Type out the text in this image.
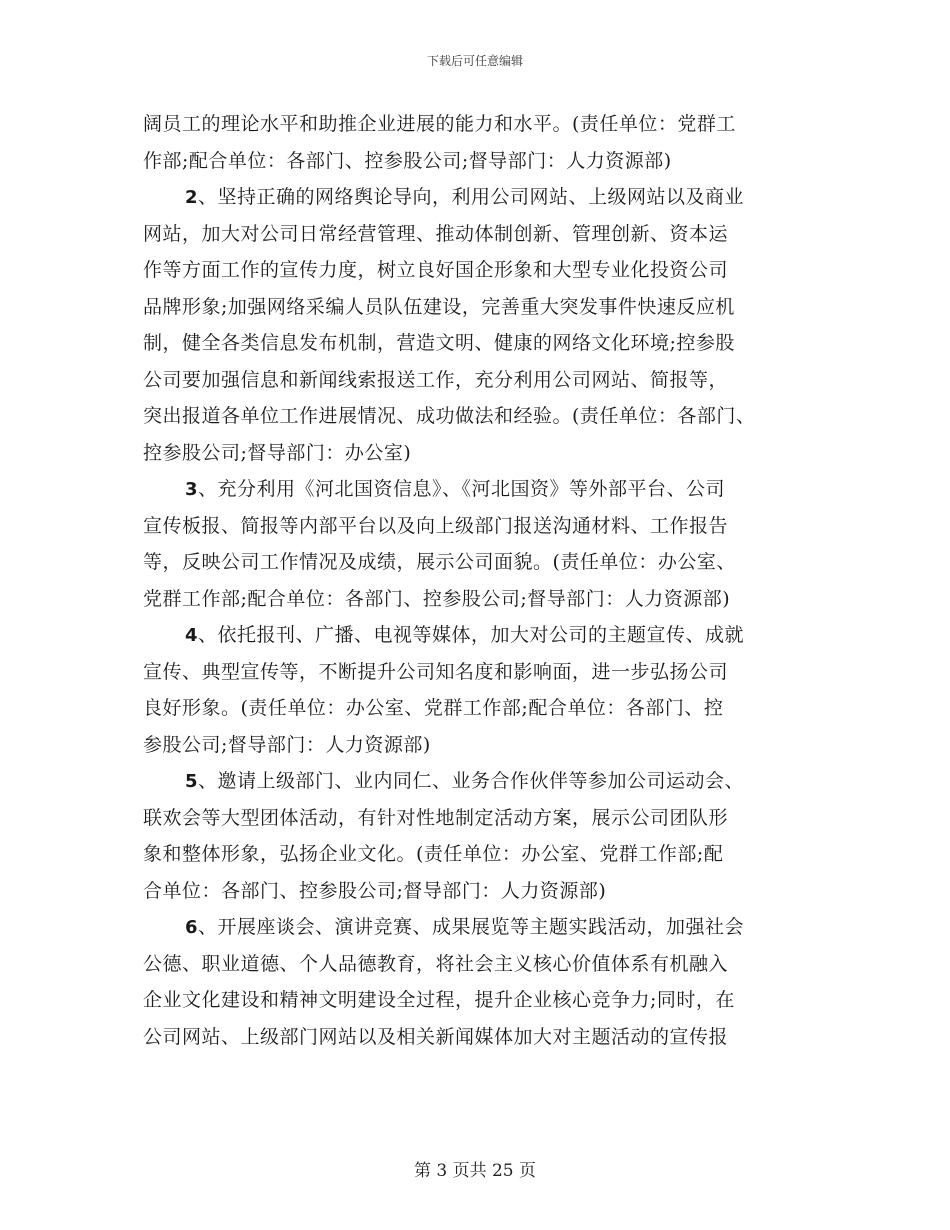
下载后可任意编辑
阔员工的理论水平和助推企业进展的能力和水平。(责任单位：党群工
作部;配合单位：各部门、控参股公司;督导部门：人力资源部)
2、坚持正确的网络舆论导向，利用公司网站、上级网站以及商业
网站，加大对公司日常经营管理、推动体制创新、管理创新、资本运
作等方面工作的宣传力度，树立良好国企形象和大型专业化投资公司
品牌形象;加强网络采编人员队伍建设，完善重大突发事件快速反应机
制，健全各类信息发布机制，营造文明、健康的网络文化环境;控参股
公司要加强信息和新闻线索报送工作，充分利用公司网站、简报等，
突出报道各单位工作进展情况、成功做法和经验。(责任单位：各部门、
控参股公司;督导部门：办公室)
3、充分利用《河北国资信息》、《河北国资》等外部平台、公司
宣传板报、简报等内部平台以及向上级部门报送沟通材料、工作报告
等，反映公司工作情况及成绩，展示公司面貌。(责任单位：办公室、
党群工作部;配合单位：各部门、控参股公司;督导部门：人力资源部)
4、依托报刊、广播、电视等媒体，加大对公司的主题宣传、成就
宣传、典型宣传等，不断提升公司知名度和影响面，进一步弘扬公司
良好形象。(责任单位：办公室、党群工作部;配合单位：各部门、控
参股公司;督导部门：人力资源部)
5、邀请上级部门、业内同仁、业务合作伙伴等参加公司运动会、
联欢会等大型团体活动，有针对性地制定活动方案，展示公司团队形
象和整体形象，弘扬企业文化。(责任单位：办公室、党群工作部;配
合单位：各部门、控参股公司;督导部门：人力资源部)
6、开展座谈会、演讲竞赛、成果展览等主题实践活动，加强社会
公德、职业道德、个人品德教育，将社会主义核心价值体系有机融入
企业文化建设和精神文明建设全过程，提升企业核心竞争力;同时，在
公司网站、上级部门网站以及相关新闻媒体加大对主题活动的宣传报
第 3 页共 25 页
